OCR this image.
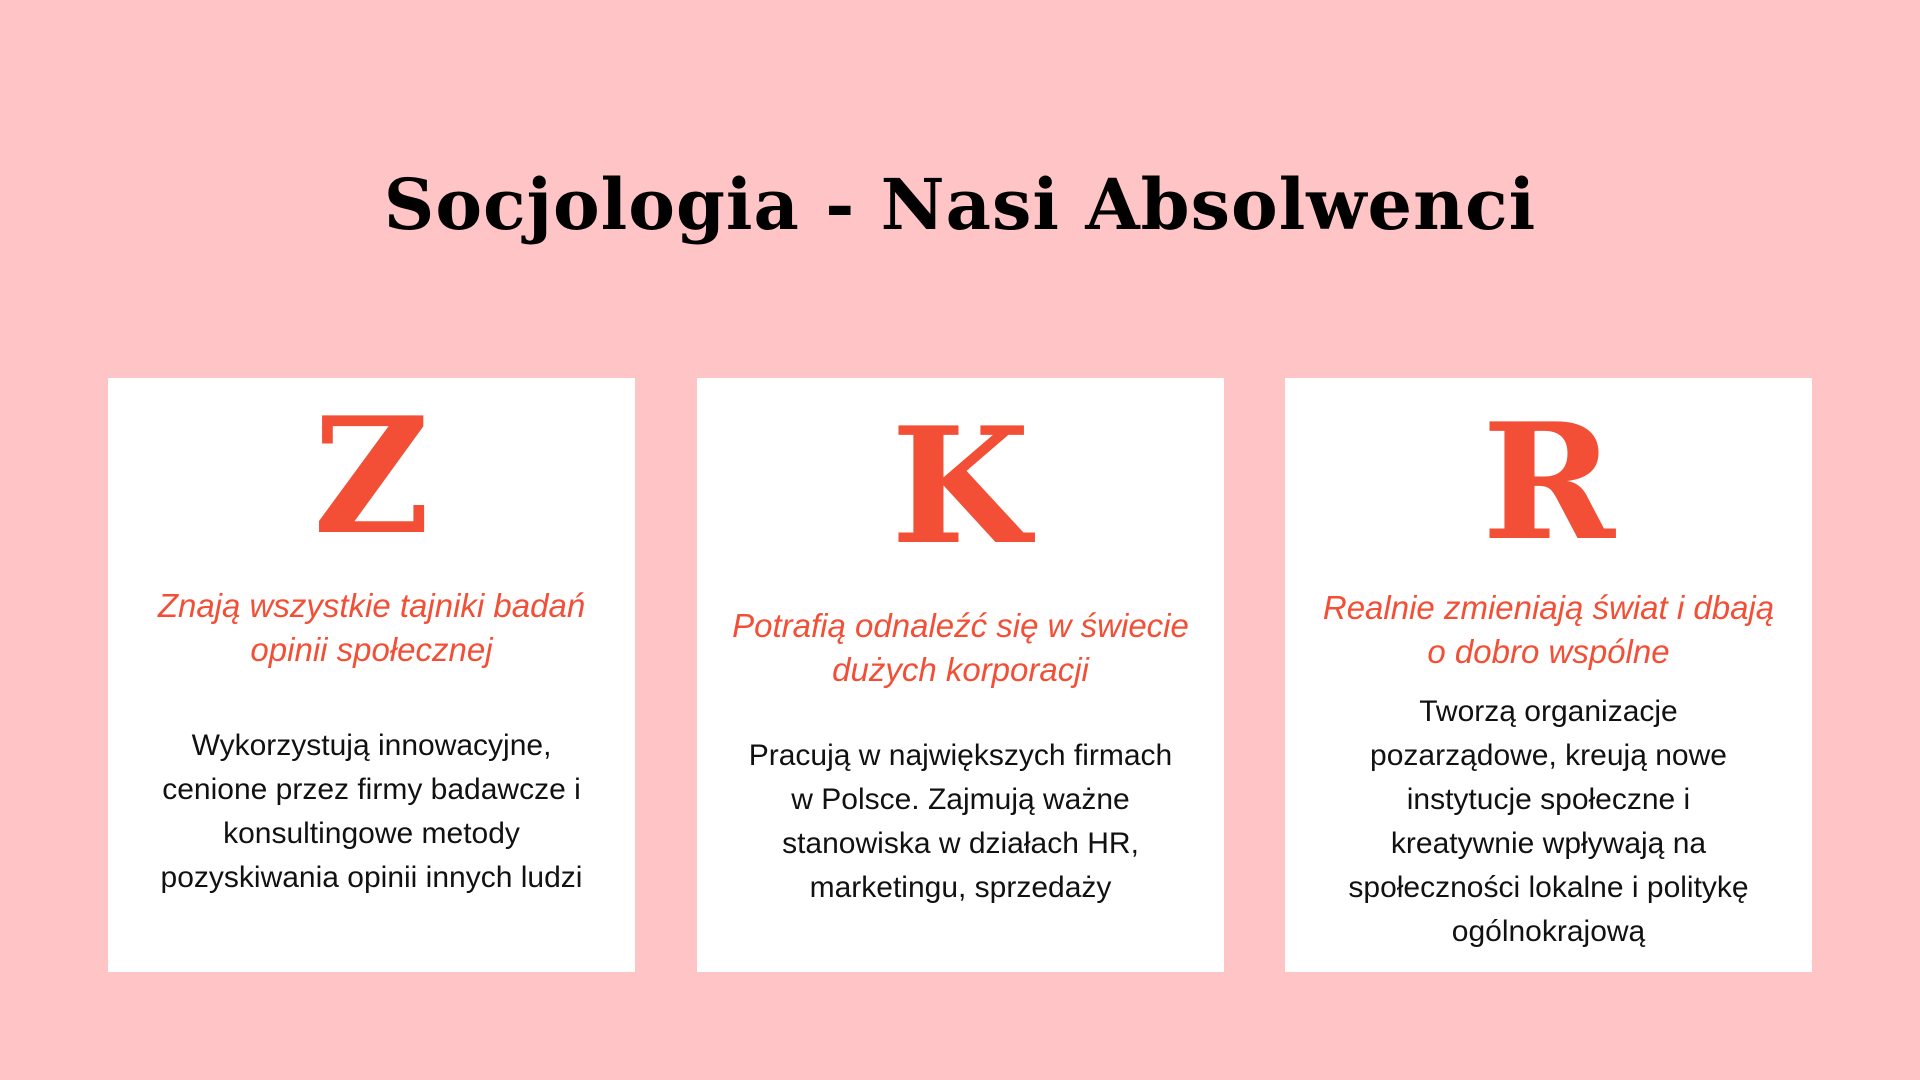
Socjologia - Nasi Absolwenci
Z

Znają wszystkie tajniki badań opinii społecznej

Wykorzystują innowacyjne, cenione przez firmy badawcze i konsultingowe metody pozyskiwania opinii innych ludzi

K

Potrafią odnaleźć się w świecie dużych korporacji

Pracują w największych firmach w Polsce. Zajmują ważne stanowiska w działach HR, marketingu, sprzedaży

R

Realnie zmieniają świat i dbają o dobro wspólne

Tworzą organizacje pozarządowe, kreują nowe instytucje społeczne i kreatywnie wpływają na społeczności lokalne i politykę ogólnokrajową
